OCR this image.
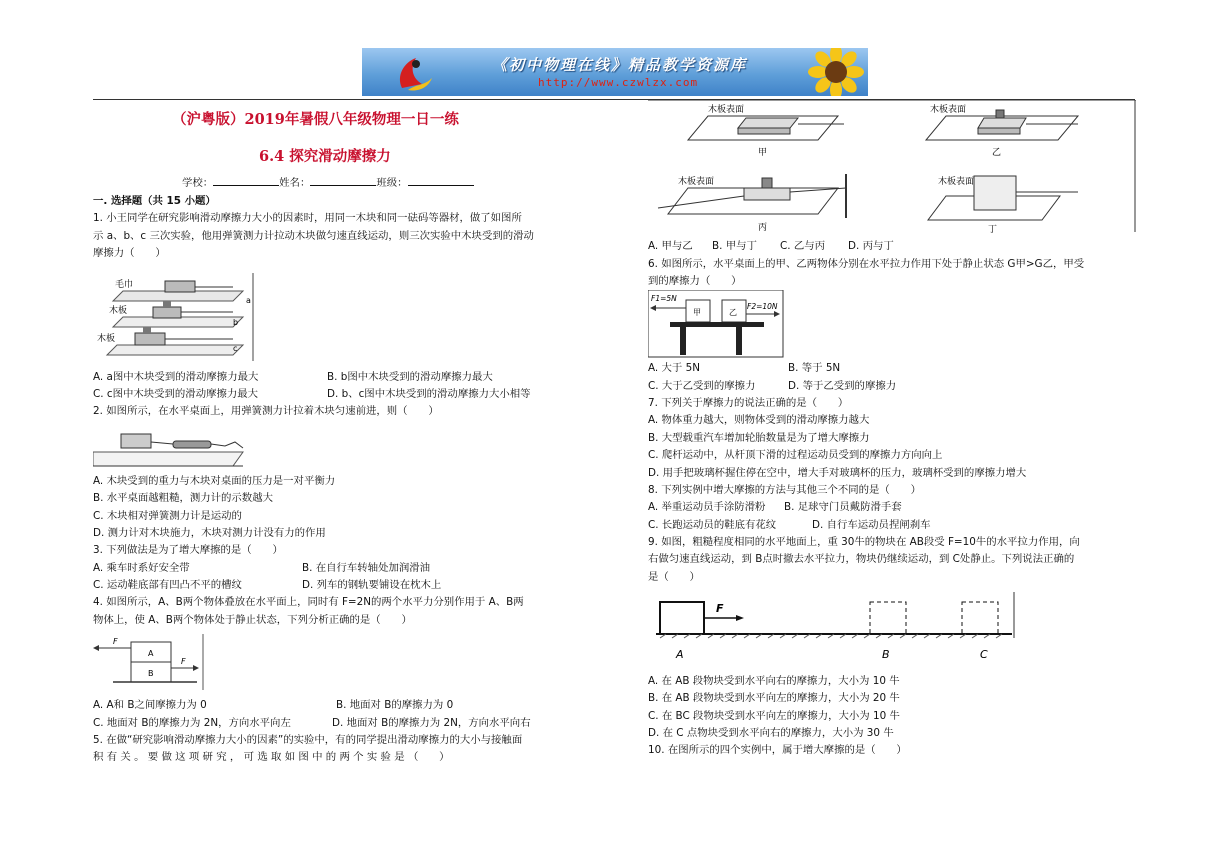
《初中物理在线》精品教学资源库
http://www.czwlzx.com
（沪粤版）2019年暑假八年级物理一日一练
6.4 探究滑动摩擦力
学校：	姓名：	班级：
一. 选择题（共 15 小题）
1. 小王同学在研究影响滑动摩擦力大小的因素时，用同一木块和同一砝码等器材，做了如图所
示 a、b、c 三次实验，他用弹簧测力计拉动木块做匀速直线运动，则三次实验中木块受到的滑动
摩擦力（　　）
毛巾
木板
木板
a
b
c
A. a图中木块受到的滑动摩擦力最大	B. b图中木块受到的滑动摩擦力最大
C. c图中木块受到的滑动摩擦力最大	D. b、c图中木块受到的滑动摩擦力大小相等
2. 如图所示，在水平桌面上，用弹簧测力计拉着木块匀速前进，则（　　）
A. 木块受到的重力与木块对桌面的压力是一对平衡力
B. 水平桌面越粗糙，测力计的示数越大
C. 木块相对弹簧测力计是运动的
D. 测力计对木块施力，木块对测力计没有力的作用
3. 下列做法是为了增大摩擦的是（　　）
A. 乘车时系好安全带	B. 在自行车转轴处加润滑油
C. 运动鞋底部有凹凸不平的槽纹	D. 列车的钢轨要铺设在枕木上
4. 如图所示，A、B两个物体叠放在水平面上，同时有 F=2N的两个水平力分别作用于 A、B两
物体上，使 A、B两个物体处于静止状态，下列分析正确的是（　　）
F
F
A
B
A. A和 B之间摩擦力为 0	B. 地面对 B的摩擦力为 0
C. 地面对 B的摩擦力为 2N，方向水平向左	D. 地面对 B的摩擦力为 2N，方向水平向右
5. 在做“研究影响滑动摩擦力大小的因素”的实验中，有的同学提出滑动摩擦力的大小与接触面
积 有 关 。 要 做 这 项 研 究 ， 可 选 取 如 图 中 的 两 个 实 验 是 （　　）
木板表面
甲
木板表面
乙
木板表面
丙
木板表面
丁
A. 甲与乙 B. 甲与丁 C. 乙与丙 D. 丙与丁
6. 如图所示，水平桌面上的甲、乙两物体分别在水平拉力作用下处于静止状态 G甲>G乙，甲受
到的摩擦力（　　）
F1=5N
F2=10N
甲	乙
A. 大于 5N	B. 等于 5N
C. 大于乙受到的摩擦力	D. 等于乙受到的摩擦力
7. 下列关于摩擦力的说法正确的是（　　）
A. 物体重力越大，则物体受到的滑动摩擦力越大
B. 大型载重汽车增加轮胎数量是为了增大摩擦力
C. 爬杆运动中，从杆顶下滑的过程运动员受到的摩擦力方向向上
D. 用手把玻璃杯握住停在空中，增大手对玻璃杯的压力，玻璃杯受到的摩擦力增大
8. 下列实例中增大摩擦的方法与其他三个不同的是（　　）
A. 举重运动员手涂防滑粉 B. 足球守门员戴防滑手套
C. 长跑运动员的鞋底有花纹	D. 自行车运动员捏闸刹车
9. 如图，粗糙程度相同的水平地面上，重 30牛的物块在 AB段受 F=10牛的水平拉力作用，向
右做匀速直线运动，到 B点时撤去水平拉力，物块仍继续运动，到 C处静止。下列说法正确的
是（　　）
F
A	B	C
A. 在 AB 段物块受到水平向右的摩擦力，大小为 10 牛
B. 在 AB 段物块受到水平向左的摩擦力，大小为 20 牛
C. 在 BC 段物块受到水平向左的摩擦力，大小为 10 牛
D. 在 C 点物块受到水平向右的摩擦力，大小为 30 牛
10. 在图所示的四个实例中，属于增大摩擦的是（　　）
